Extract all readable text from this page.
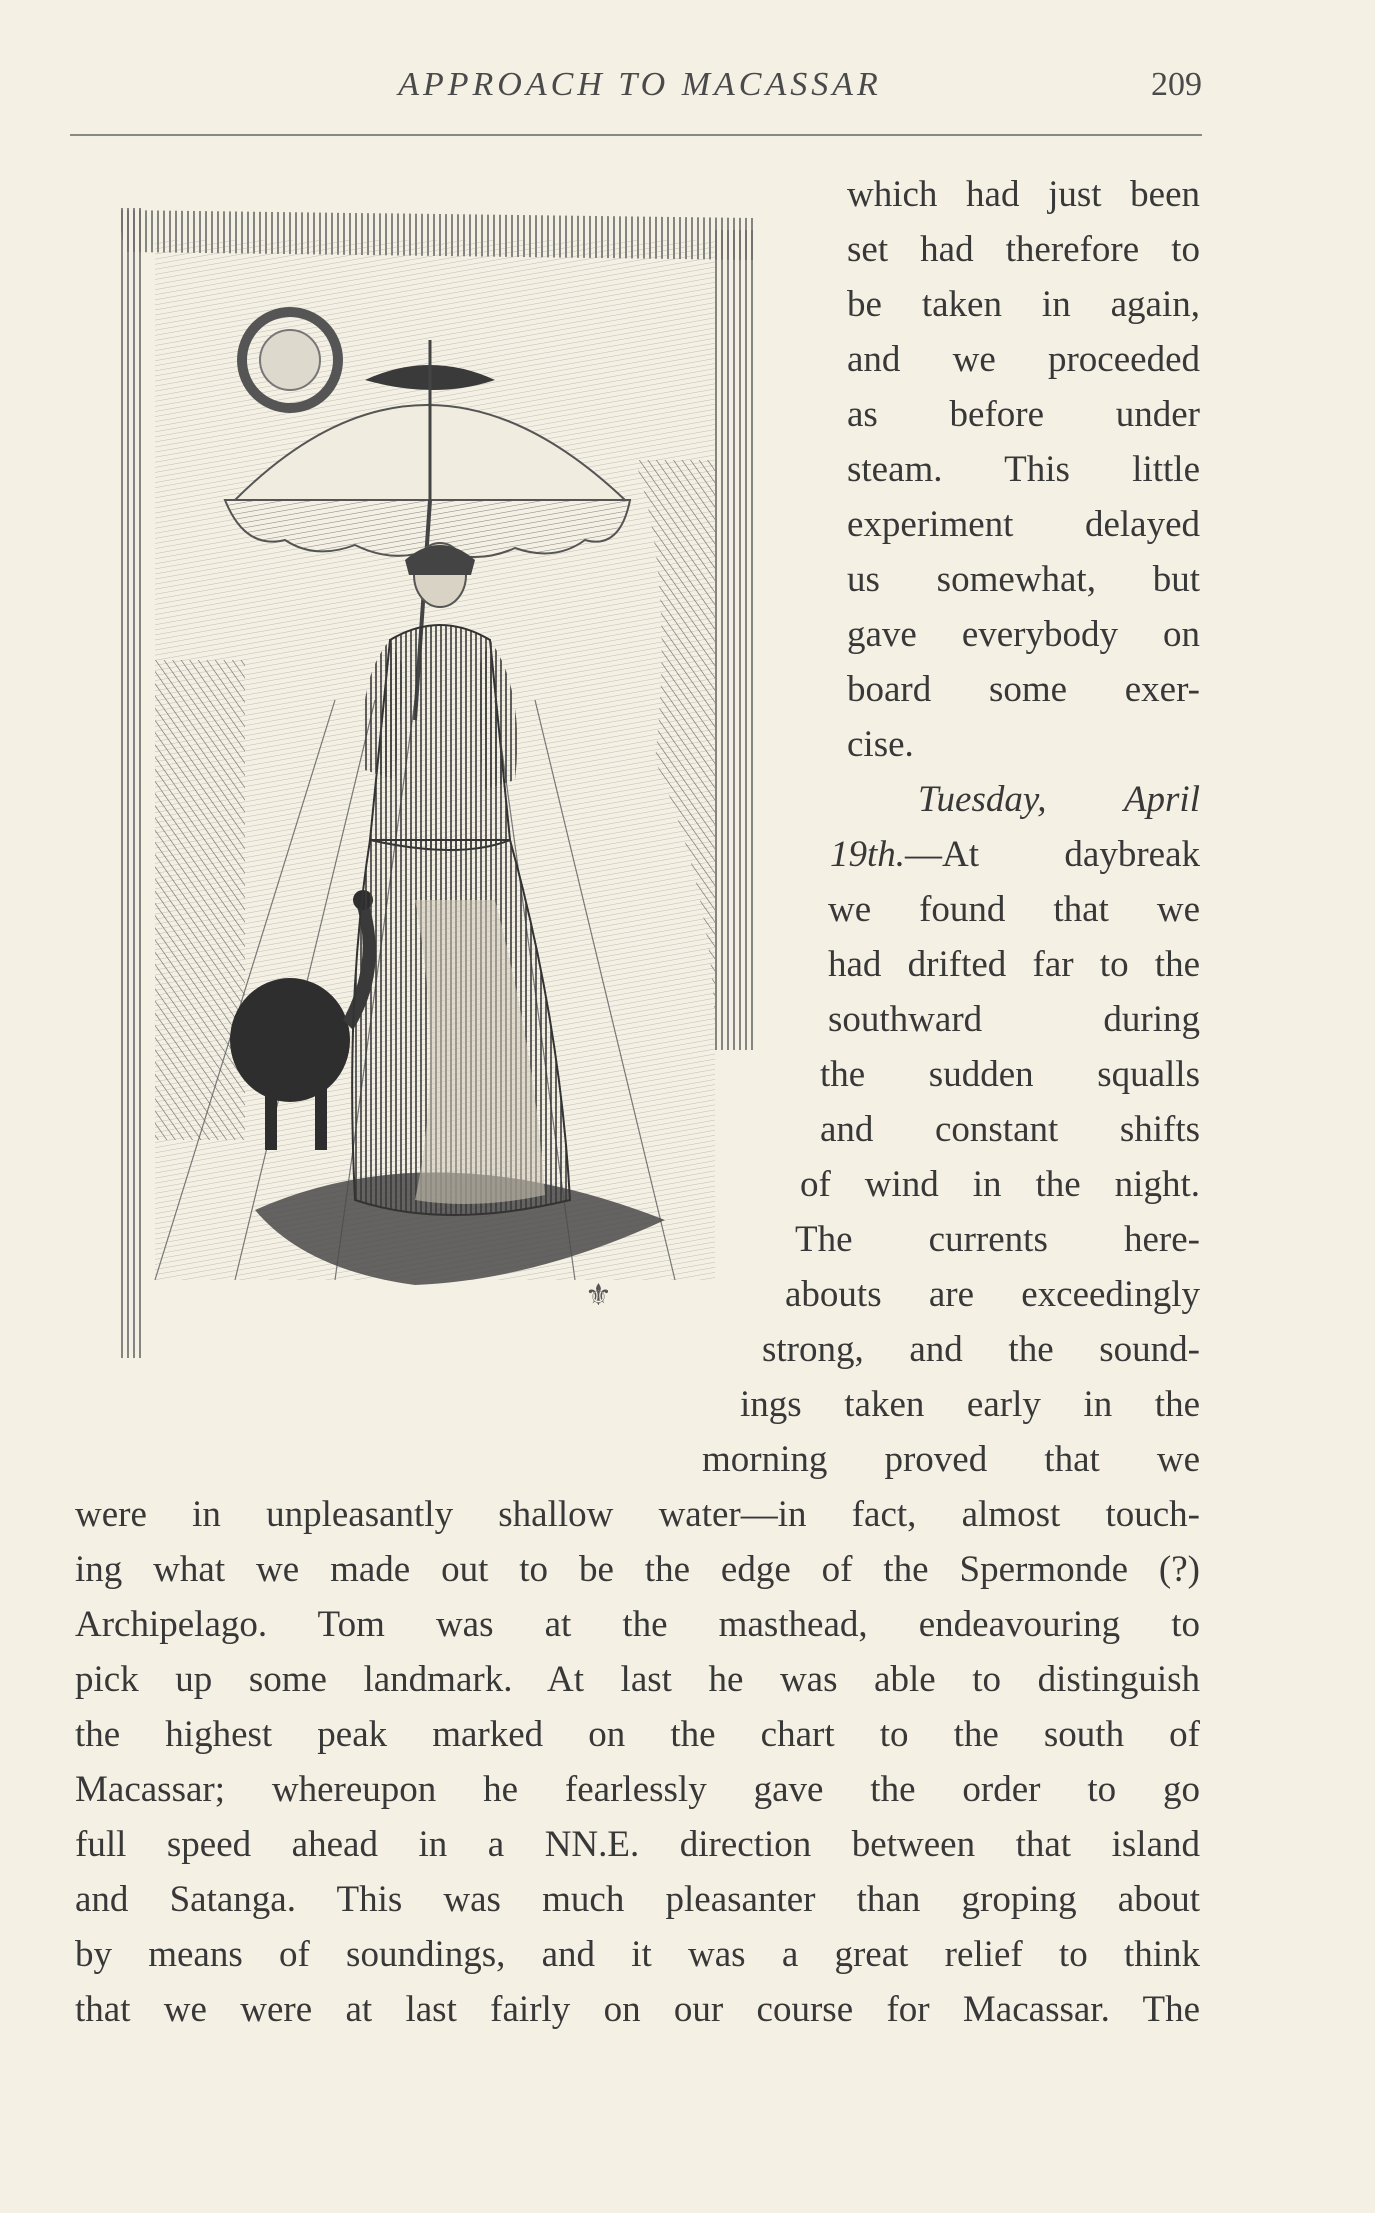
APPROACH TO MACASSAR	209
⚜
which had just been
set had therefore to
be taken in again,
and we proceeded
as before under
steam. This little
experiment delayed
us somewhat, but
gave everybody on
board some exer-
cise.
Tuesday, April
19th. —At daybreak
we found that we
had drifted far to the
southward during
the sudden squalls
and constant shifts
of wind in the night.
The currents here-
abouts are exceedingly
strong, and the sound-
ings taken early in the
morning proved that we
were in unpleasantly shallow water—in fact, almost touch-
ing what we made out to be the edge of the Spermonde (?)
Archipelago. Tom was at the masthead, endeavouring to
pick up some landmark. At last he was able to distinguish
the highest peak marked on the chart to the south of
Macassar; whereupon he fearlessly gave the order to go
full speed ahead in a NN.E. direction between that island
and Satanga. This was much pleasanter than groping about
by means of soundings, and it was a great relief to think
that we were at last fairly on our course for Macassar. The
